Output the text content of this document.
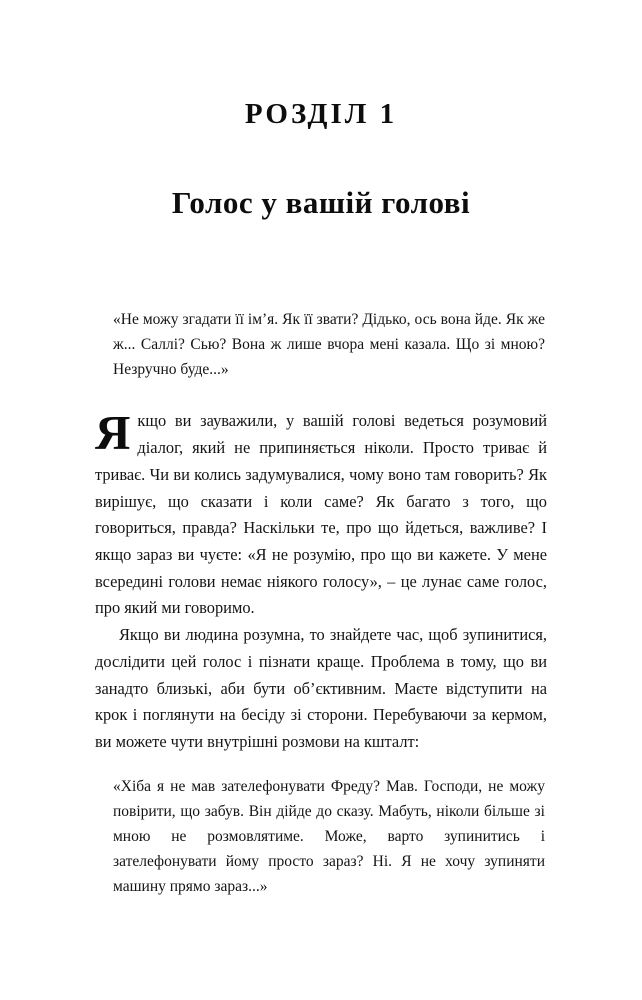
РОЗДІЛ 1
Голос у вашій голові

«Не можу згадати її ім’я. Як її звати? Дідько, ось вона йде. Як же ж... Саллі? Сью? Вона ж лише вчора мені казала. Що зі мною? Незручно буде...»

Якщо ви зауважили, у вашій голові ведеться розумовий діалог, який не припиняється ніколи. Просто триває й триває. Чи ви колись задумувалися, чому воно там говорить? Як вирішує, що сказати і коли саме? Як багато з того, що говориться, правда? Наскільки те, про що йдеться, важливе? І якщо зараз ви чуєте: «Я не розумію, про що ви кажете. У мене всередині голови немає ніякого голосу», – це лунає саме голос, про який ми говоримо.

Якщо ви людина розумна, то знайдете час, щоб зупинитися, дослідити цей голос і пізнати краще. Проблема в тому, що ви занадто близькі, аби бути об’єктивним. Маєте відступити на крок і поглянути на бесіду зі сторони. Перебуваючи за кермом, ви можете чути внутрішні розмови на кшталт:

«Хіба я не мав зателефонувати Фреду? Мав. Господи, не можу повірити, що забув. Він дійде до сказу. Мабуть, ніколи більше зі мною не розмовлятиме. Може, варто зупинитись і зателефонувати йому просто зараз? Ні. Я не хочу зупиняти машину прямо зараз...»
